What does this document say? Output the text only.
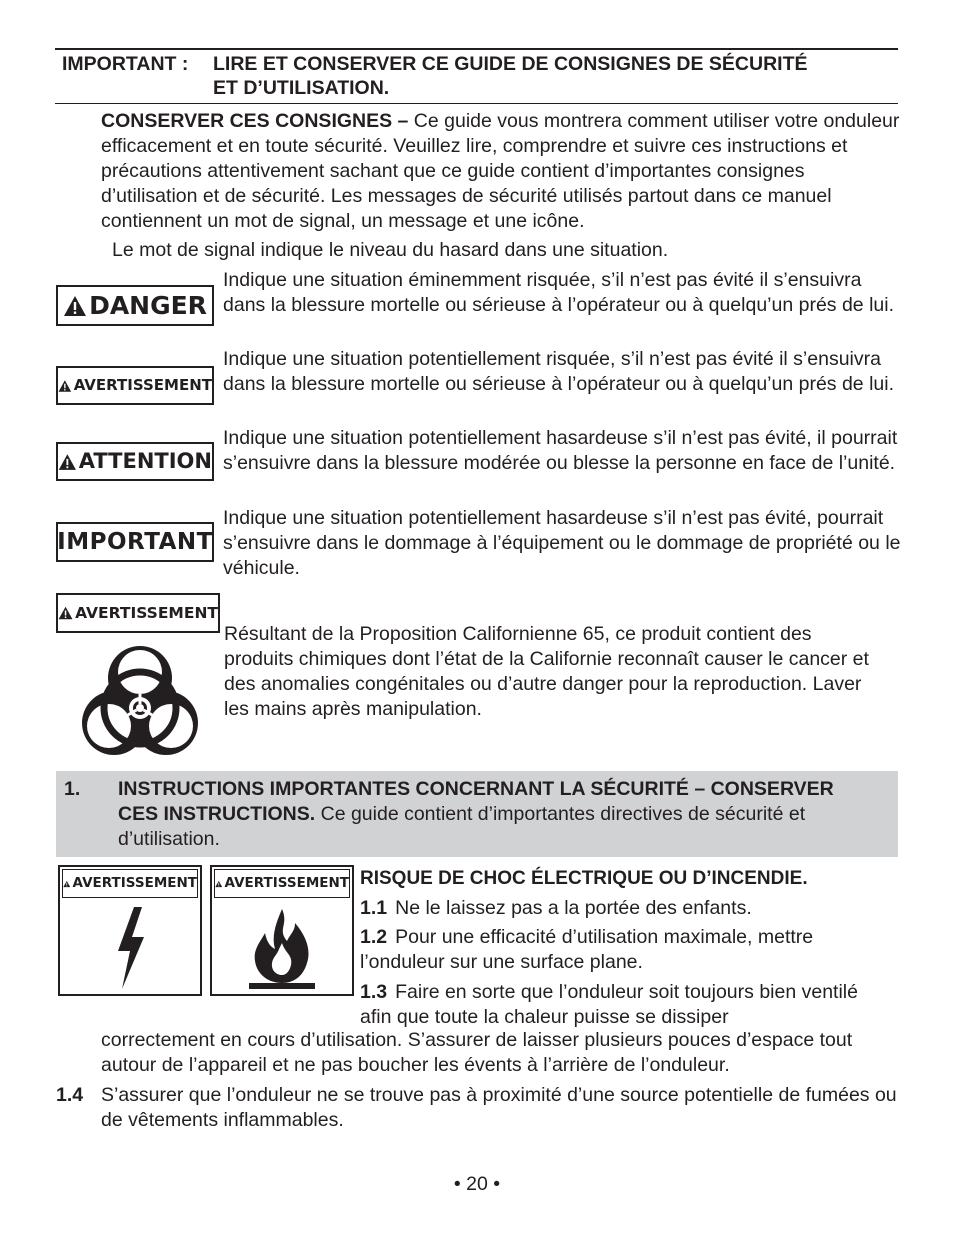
IMPORTANT : LIRE ET CONSERVER CE GUIDE DE CONSIGNES DE SÉCURITÉ
ET D’UTILISATION.
CONSERVER CES CONSIGNES – Ce guide vous montrera comment utiliser votre onduleur efficacement et en toute sécurité. Veuillez lire, comprendre et suivre ces instructions et précautions attentivement sachant que ce guide contient d’importantes consignes d’utilisation et de sécurité. Les messages de sécurité utilisés partout dans ce manuel contiennent un mot de signal, un message et une icône.
Le mot de signal indique le niveau du hasard dans une situation.
DANGER
Indique une situation éminemment risquée, s’il n’est pas évité il s’ensuivra dans la blessure mortelle ou sérieuse à l’opérateur ou à quelqu’un prés de lui.
AVERTISSEMENT
Indique une situation potentiellement risquée, s’il n’est pas évité il s’ensuivra dans la blessure mortelle ou sérieuse à l’opérateur ou à quelqu’un prés de lui.
ATTENTION
Indique une situation potentiellement hasardeuse s’il n’est pas évité, il pourrait s’ensuivre dans la blessure modérée ou blesse la personne en face de l’unité.
IMPORTANT
Indique une situation potentiellement hasardeuse s’il n’est pas évité, pourrait s’ensuivre dans le dommage à l’équipement ou le dommage de propriété ou le véhicule.
AVERTISSEMENT
Résultant de la Proposition Californienne 65, ce produit contient des produits chimiques dont l’état de la Californie reconnaît causer le cancer et des anomalies congénitales ou d’autre danger pour la reproduction. Laver les mains après manipulation.
1. INSTRUCTIONS IMPORTANTES CONCERNANT LA SÉCURITÉ – CONSERVER CES INSTRUCTIONS. Ce guide contient d’importantes directives de sécurité et d’utilisation.
AVERTISSEMENT AVERTISSEMENT RISQUE DE CHOC ÉLECTRIQUE OU D’INCENDIE.
1.1 Ne le laissez pas a la portée des enfants.
1.2 Pour une efficacité d’utilisation maximale, mettre l’onduleur sur une surface plane.
1.3 Faire en sorte que l’onduleur soit toujours bien ventilé afin que toute la chaleur puisse se dissiper
correctement en cours d’utilisation. S’assurer de laisser plusieurs pouces d’espace tout autour de l’appareil et ne pas boucher les évents à l’arrière de l’onduleur.
1.4 S’assurer que l’onduleur ne se trouve pas à proximité d’une source potentielle de fumées ou de vêtements inflammables.
• 20 •
